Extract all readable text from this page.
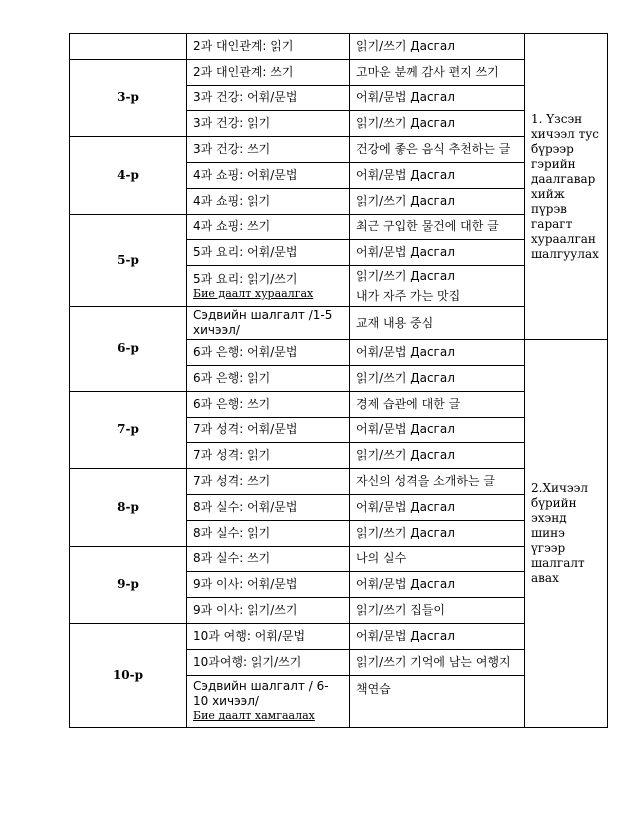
	2과 대인관계: 읽기	읽기/쓰기 Дасгал	1. Үзсэн хичээл тус бүрээр гэрийн даалгавар хийж пүрэв гарагт хураалган шалгуулах
3-р	2과 대인관계: 쓰기	고마운 분께 감사 편지 쓰기	

	3과 건강: 어휘/문법	어휘/문법 Дасгал	

	3과 건강: 읽기	읽기/쓰기 Дасгал	

4-р	3과 건강: 쓰기	건강에 좋은 음식 추천하는 글	

	4과 쇼핑: 어휘/문법	어휘/문법 Дасгал	

	4과 쇼핑: 읽기	읽기/쓰기 Дасгал	

5-р	4과 쇼핑: 쓰기	최근 구입한 물건에 대한 글	

	5과 요리: 어휘/문법	어휘/문법 Дасгал	

	5과 요리: 읽기/쓰기
Бие даалт хураалгах	읽기/쓰기 Дасгал
내가 자주 가는 맛집	

6-р	Сэдвийн шалгалт /1-5 хичээл/	교재 내용 중심	

	6과 은행: 어휘/문법	어휘/문법 Дасгал	2.Хичээл бүрийн эхэнд шинэ үгээр шалгалт авах

	6과 은행: 읽기	읽기/쓰기 Дасгал	

7-р	6과 은행: 쓰기	경제 습관에 대한 글	

	7과 성격: 어휘/문법	어휘/문법 Дасгал	

	7과 성격: 읽기	읽기/쓰기 Дасгал	

8-р	7과 성격: 쓰기	자신의 성격을 소개하는 글	

	8과 실수: 어휘/문법	어휘/문법 Дасгал	

	8과 실수: 읽기	읽기/쓰기 Дасгал	

9-р	8과 실수: 쓰기	나의 실수	

	9과 이사: 어휘/문법	어휘/문법 Дасгал	

	9과 이사: 읽기/쓰기	읽기/쓰기 집들이	

10-р	10과 여행: 어휘/문법	어휘/문법 Дасгал	

	10과여행: 읽기/쓰기	읽기/쓰기 기억에 남는 여행지	

	Сэдвийн шалгалт / 6-10 хичээл/
Бие даалт хамгаалах	책연습	
